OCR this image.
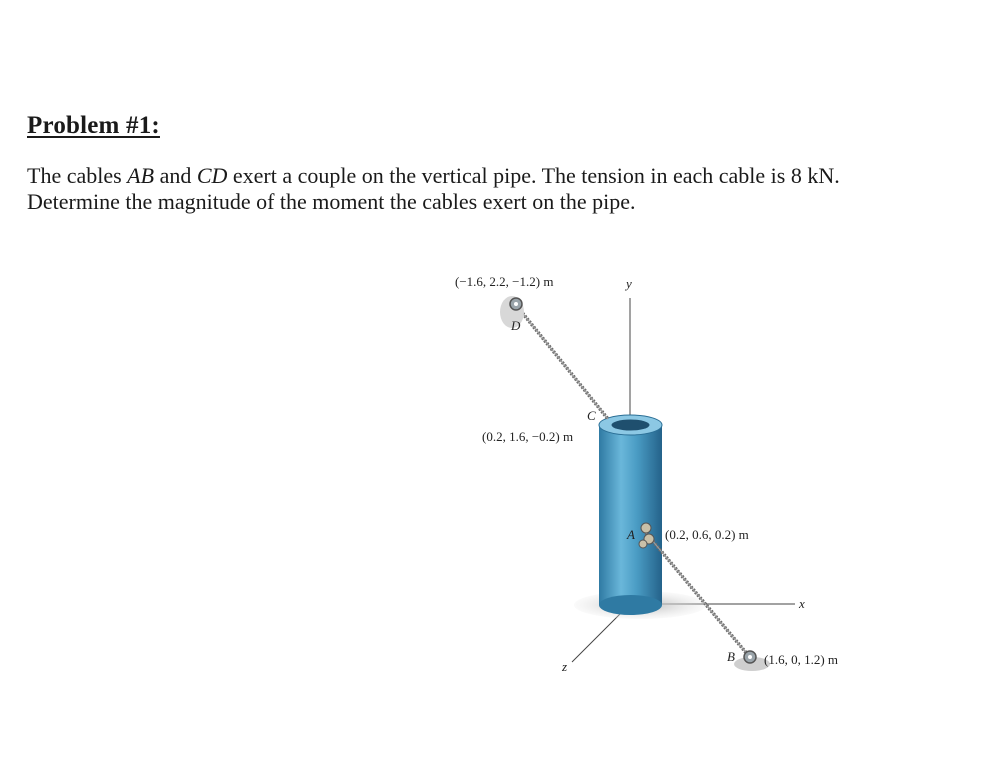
Problem #1:

The cables AB and CD exert a couple on the vertical pipe. The tension in each cable is 8 kN.
Determine the magnitude of the moment the cables exert on the pipe.

(−1.6, 2.2, −1.2) m
D
y
C
(0.2, 1.6, −0.2) m
A (0.2, 0.6, 0.2) m
x
B (1.6, 0, 1.2) m
z
